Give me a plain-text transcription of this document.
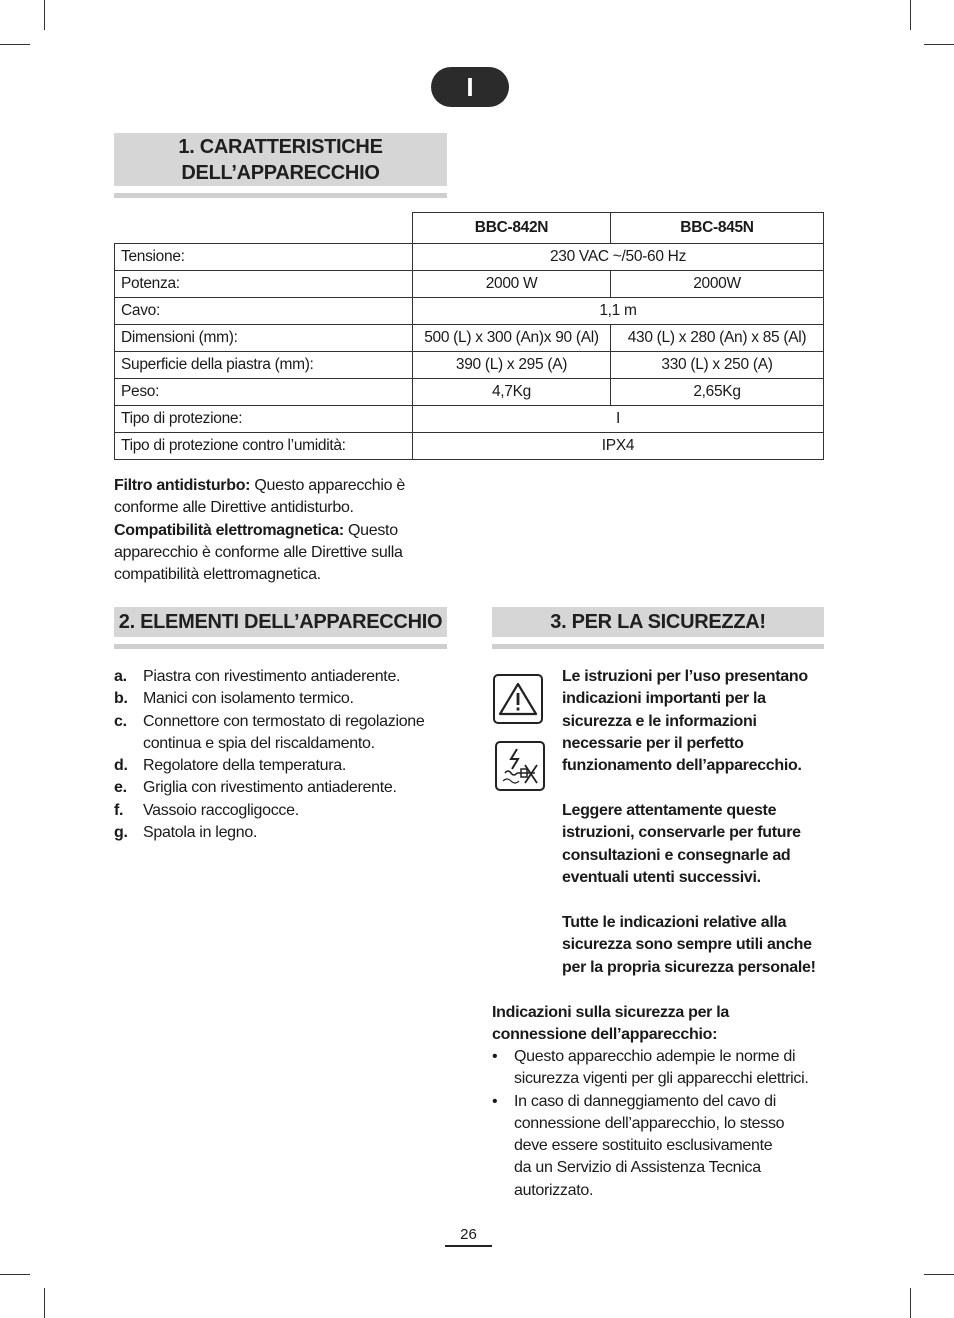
I
1. CARATTERISTICHE
DELL’APPARECCHIO
	BBC-842N	BBC-845N
Tensione:	230 VAC ~/50-60 Hz	
Potenza:	2000 W	2000W
Cavo:	1,1 m	
Dimensioni (mm):	500 (L) x 300 (An)x 90 (Al)	430 (L) x 280 (An) x 85 (Al)
Superficie della piastra (mm):	390 (L) x 295 (A)	330 (L) x 250 (A)
Peso:	4,7Kg	2,65Kg
Tipo di protezione:	I	
Tipo di protezione contro l’umidità:	IPX4	
Filtro antidisturbo: Questo apparecchio è
conforme alle Direttive antidisturbo.
Compatibilità elettromagnetica: Questo
apparecchio è conforme alle Direttive sulla
compatibilità elettromagnetica.
2. ELEMENTI DELL’APPARECCHIO
a.	Piastra con rivestimento antiaderente.
b. Manici con isolamento termico.
c.	Connettore con termostato di regolazione
continua e spia del riscaldamento.
d. Regolatore della temperatura.
e.	Griglia con rivestimento antiaderente.
f.	Vassoio raccogligocce.
g. Spatola in legno.
3. PER LA SICUREZZA!
Le istruzioni per l’uso presentano
indicazioni importanti per la
sicurezza e le informazioni
necessarie per il perfetto
funzionamento dell’apparecchio.
Leggere attentamente queste
istruzioni, conservarle per future
consultazioni e consegnarle ad
eventuali utenti successivi.
Tutte le indicazioni relative alla
sicurezza sono sempre utili anche
per la propria sicurezza personale!
Indicazioni sulla sicurezza per la
connessione dell’apparecchio:
•	Questo apparecchio adempie le norme di
sicurezza vigenti per gli apparecchi elettrici.
•	In caso di danneggiamento del cavo di
connessione dell’apparecchio, lo stesso
deve essere sostituito esclusivamente
da un Servizio di Assistenza Tecnica
autorizzato.
26
